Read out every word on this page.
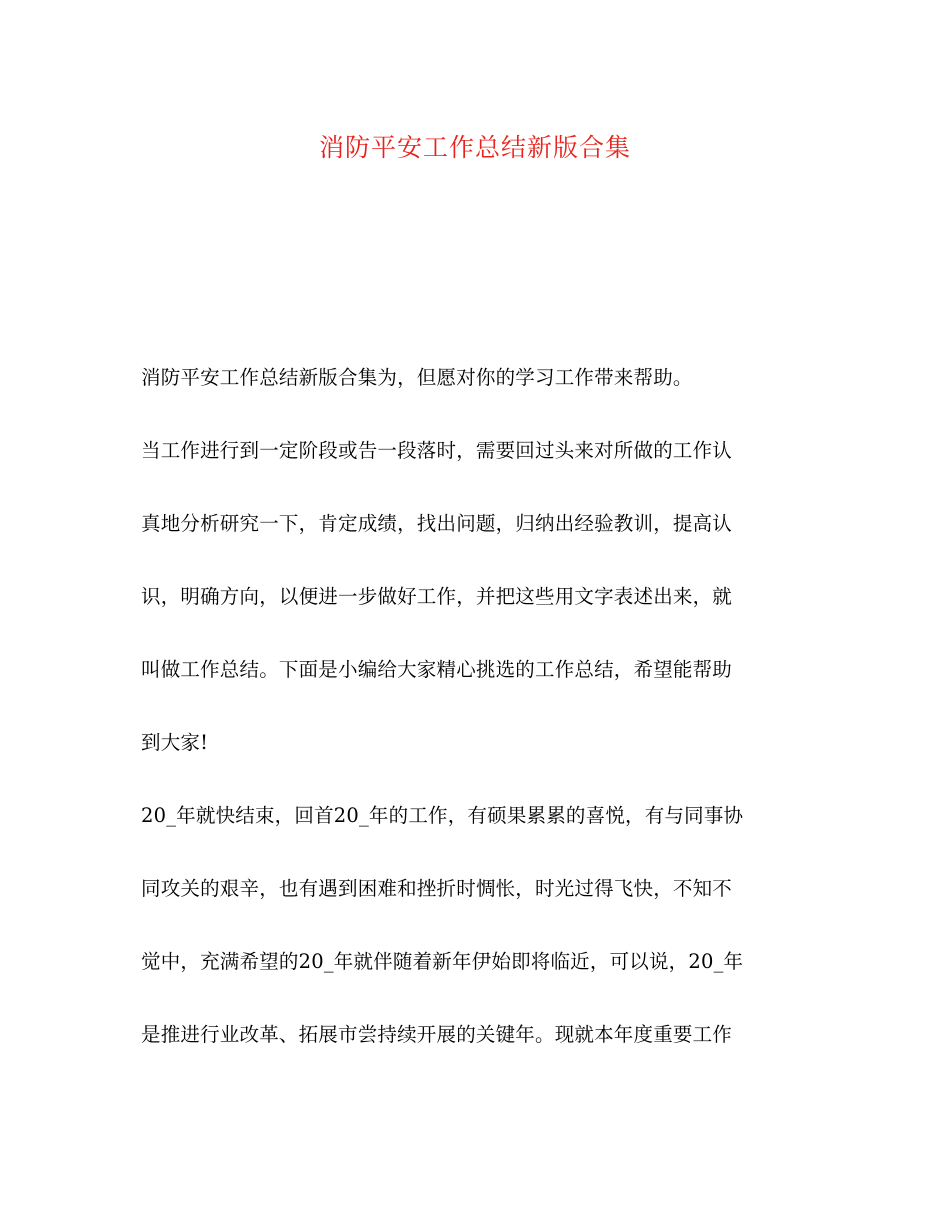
消防平安工作总结新版合集
消防平安工作总结新版合集为，但愿对你的学习工作带来帮助。
当工作进行到一定阶段或告一段落时，需要回过头来对所做的工作认
真地分析研究一下，肯定成绩，找出问题，归纳出经验教训，提高认
识，明确方向，以便进一步做好工作，并把这些用文字表述出来，就
叫做工作总结。下面是小编给大家精心挑选的工作总结，希望能帮助
到大家!
20_年就快结束，回首20_年的工作，有硕果累累的喜悦，有与同事协
同攻关的艰辛，也有遇到困难和挫折时惆怅，时光过得飞快，不知不
觉中，充满希望的20_年就伴随着新年伊始即将临近，可以说，20_年
是推进行业改革、拓展市尝持续开展的关键年。现就本年度重要工作
